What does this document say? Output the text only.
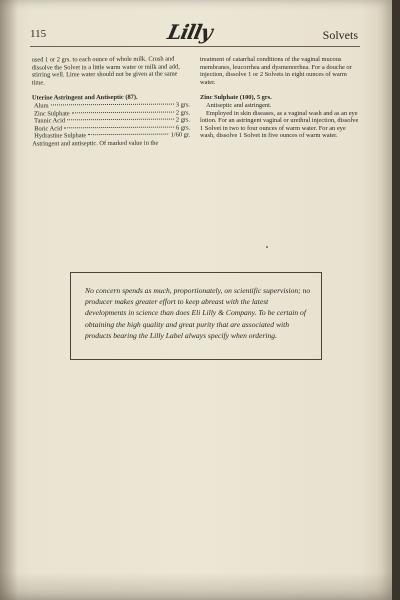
115	Lilly	Solvets

used 1 or 2 grs. to each ounce of whole milk. Crush and dissolve the Solvet in a little warm water or milk and add, stirring well. Lime water should not be given at the same time.

Uterine Astringent and Antiseptic (87).

Alum	3 grs.
Zinc Sulphate	2 grs.
Tannic Acid	2 grs.
Boric Acid	6 grs.
Hydrastine Sulphate	1/60 gr.

Astringent and antiseptic. Of marked value in the

treatment of catarrhal conditions of the vaginal mucous membranes, leucorrhea and dysmenorrhea. For a douche or injection, dissolve 1 or 2 Solvets in eight ounces of warm water.

Zinc Sulphate (100), 5 grs.

Antiseptic and astringent.

Employed in skin diseases, as a vaginal wash and as an eye lotion. For an astringent vaginal or urethral injection, dissolve 1 Solvet in two to four ounces of warm water. For an eye wash, dissolve 1 Solvet in five ounces of warm water.

No concern spends as much, proportionately, on scientific supervision; no producer makes greater effort to keep abreast with the latest developments in science than does Eli Lilly & Company. To be certain of obtaining the high quality and great purity that are associated with products bearing the Lilly Label always specify when ordering.
